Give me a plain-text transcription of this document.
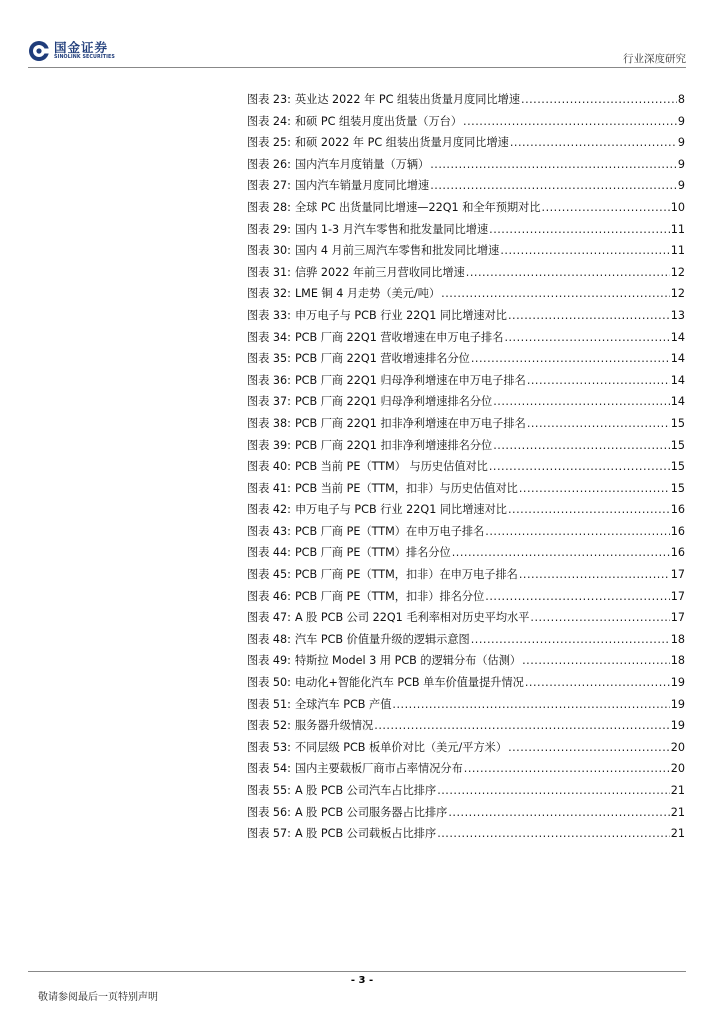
国金证券
SINOLINK SECURITIES	行业深度研究
图表 23: 英业达 2022 年 PC 组装出货量月度同比增速 .....	8
图表 24: 和硕 PC 组装月度出货量（万台） .....	9
图表 25: 和硕 2022 年 PC 组装出货量月度同比增速 .....	9
图表 26: 国内汽车月度销量（万辆） .....	9
图表 27: 国内汽车销量月度同比增速 .....	9
图表 28: 全球 PC 出货量同比增速—22Q1 和全年预期对比 .....	10
图表 29: 国内 1-3 月汽车零售和批发量同比增速 .....	11
图表 30: 国内 4 月前三周汽车零售和批发同比增速 .....	11
图表 31: 信骅 2022 年前三月营收同比增速 .....	12
图表 32: LME 铜 4 月走势（美元/吨） .....	12
图表 33: 申万电子与 PCB 行业 22Q1 同比增速对比 .....	13
图表 34: PCB 厂商 22Q1 营收增速在申万电子排名 .....	14
图表 35: PCB 厂商 22Q1 营收增速排名分位 .....	14
图表 36: PCB 厂商 22Q1 归母净利增速在申万电子排名 .....	14
图表 37: PCB 厂商 22Q1 归母净利增速排名分位 .....	14
图表 38: PCB 厂商 22Q1 扣非净利增速在申万电子排名 .....	15
图表 39: PCB 厂商 22Q1 扣非净利增速排名分位 .....	15
图表 40: PCB 当前 PE（TTM） 与历史估值对比 .....	15
图表 41: PCB 当前 PE（TTM，扣非）与历史估值对比 .....	15
图表 42: 申万电子与 PCB 行业 22Q1 同比增速对比 .....	16
图表 43: PCB 厂商 PE（TTM）在申万电子排名 .....	16
图表 44: PCB 厂商 PE（TTM）排名分位 .....	16
图表 45: PCB 厂商 PE（TTM，扣非）在申万电子排名 .....	17
图表 46: PCB 厂商 PE（TTM，扣非）排名分位 .....	17
图表 47: A 股 PCB 公司 22Q1 毛利率相对历史平均水平 .....	17
图表 48: 汽车 PCB 价值量升级的逻辑示意图 .....	18
图表 49: 特斯拉 Model 3 用 PCB 的逻辑分布（估测） .....	18
图表 50: 电动化+智能化汽车 PCB 单车价值量提升情况 .....	19
图表 51: 全球汽车 PCB 产值 .....	19
图表 52: 服务器升级情况 .....	19
图表 53: 不同层级 PCB 板单价对比（美元/平方米） .....	20
图表 54: 国内主要载板厂商市占率情况分布 .....	20
图表 55: A 股 PCB 公司汽车占比排序 .....	21
图表 56: A 股 PCB 公司服务器占比排序 .....	21
图表 57: A 股 PCB 公司载板占比排序 .....	21
- 3 -
敬请参阅最后一页特别声明
